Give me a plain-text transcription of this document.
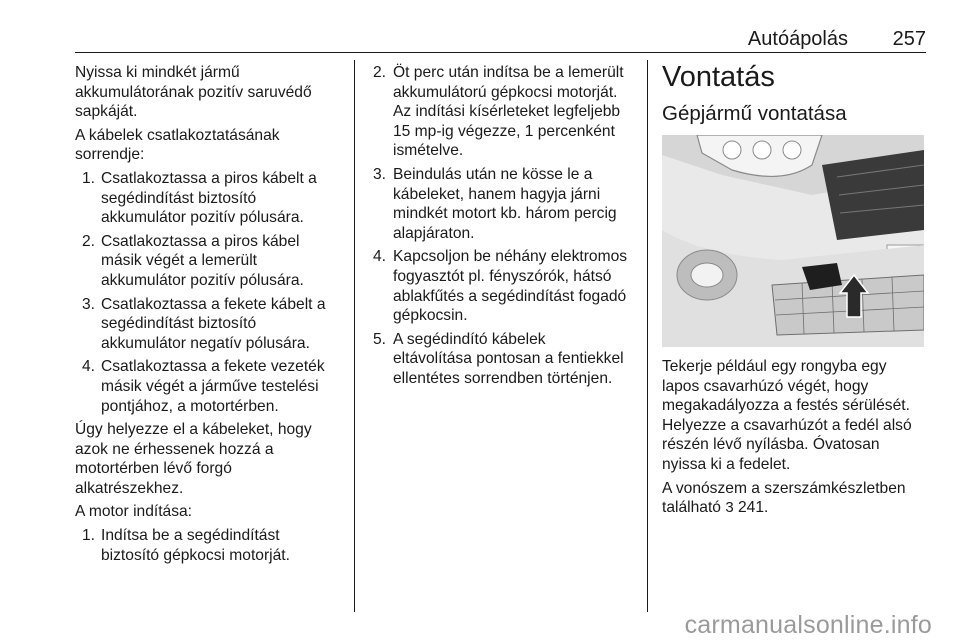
Autóápolás 257

Nyissa ki mindkét jármű
akkumulátorának pozitív saruvédő
sapkáját.

A kábelek csatlakoztatásának
sorrendje:

1. Csatlakoztassa a piros kábelt a
segédindítást biztosító
akkumulátor pozitív pólusára.
2. Csatlakoztassa a piros kábel
másik végét a lemerült
akkumulátor pozitív pólusára.
3. Csatlakoztassa a fekete kábelt a
segédindítást biztosító
akkumulátor negatív pólusára.
4. Csatlakoztassa a fekete vezeték
másik végét a járműve testelési
pontjához, a motortérben.

Úgy helyezze el a kábeleket, hogy
azok ne érhessenek hozzá a
motortérben lévő forgó
alkatrészekhez.

A motor indítása:

1. Indítsa be a segédindítást
biztosító gépkocsi motorját.
2. Öt perc után indítsa be a lemerült
akkumulátorú gépkocsi motorját.
Az indítási kísérleteket legfeljebb
15 mp-ig végezze, 1 percenként
ismételve.
3. Beindulás után ne kösse le a
kábeleket, hanem hagyja járni
mindkét motort kb. három percig
alapjáraton.
4. Kapcsoljon be néhány elektromos
fogyasztót pl. fényszórók, hátsó
ablakfűtés a segédindítást fogadó
gépkocsin.
5. A segédindító kábelek
eltávolítása pontosan a fentiekkel
ellentétes sorrendben történjen.
Vontatás
Gépjármű vontatása

Tekerje például egy rongyba egy
lapos csavarhúzó végét, hogy
megakadályozza a festés sérülését.
Helyezze a csavarhúzót a fedél alsó
részén lévő nyílásba. Óvatosan
nyissa ki a fedelet.

A vonószem a szerszámkészletben
található 3 241.

carmanualsonline.info
